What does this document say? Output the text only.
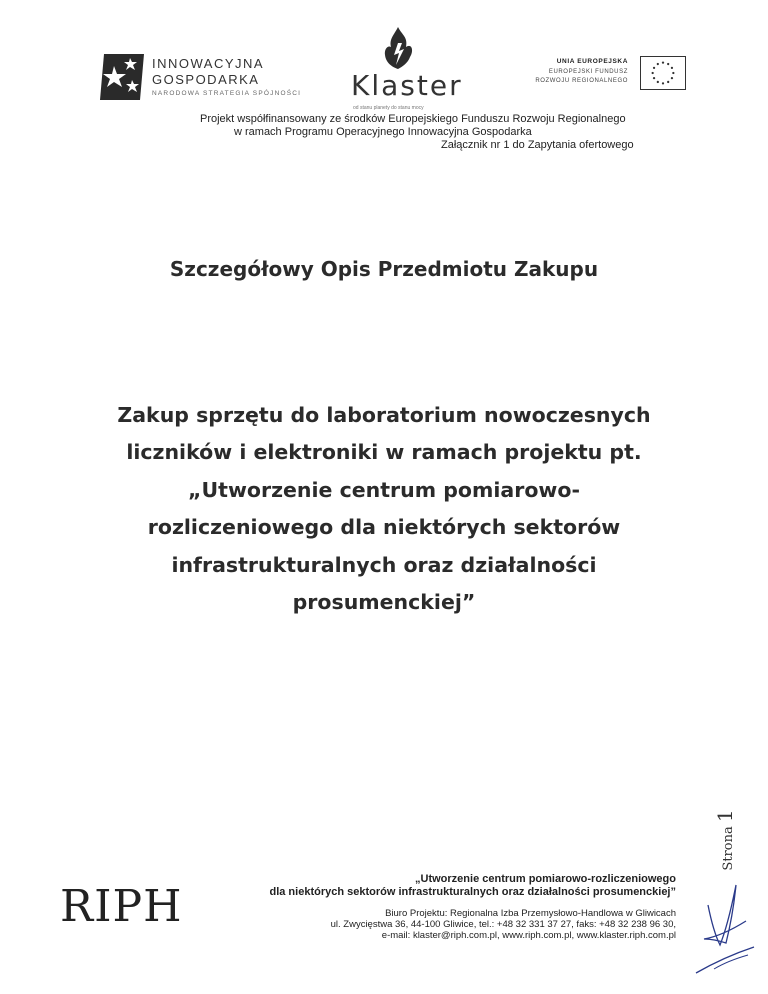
INNOWACYJNA
GOSPODARKA
NARODOWA STRATEGIA SPÓJNOŚCI Klaster
od stanu planety do stanu mocy
UNIA EUROPEJSKA
EUROPEJSKI FUNDUSZ
ROZWOJU REGIONALNEGO
Projekt współfinansowany ze środków Europejskiego Funduszu Rozwoju Regionalnego
w ramach Programu Operacyjnego Innowacyjna Gospodarka
Załącznik nr 1 do Zapytania ofertowego
Szczegółowy Opis Przedmiotu Zakupu
Zakup sprzętu do laboratorium nowoczesnych
liczników i elektroniki w ramach projektu pt.
„Utworzenie centrum pomiarowo-
rozliczeniowego dla niektórych sektorów
infrastrukturalnych oraz działalności
prosumenckiej”
Strona 1
RIPH
„Utworzenie centrum pomiarowo-rozliczeniowego
dla niektórych sektorów infrastrukturalnych oraz działalności prosumenckiej”
Biuro Projektu: Regionalna Izba Przemysłowo-Handlowa w Gliwicach
ul. Zwycięstwa 36, 44-100 Gliwice, tel.: +48 32 331 37 27, faks: +48 32 238 96 30,
e-mail: klaster@riph.com.pl, www.riph.com.pl, www.klaster.riph.com.pl
